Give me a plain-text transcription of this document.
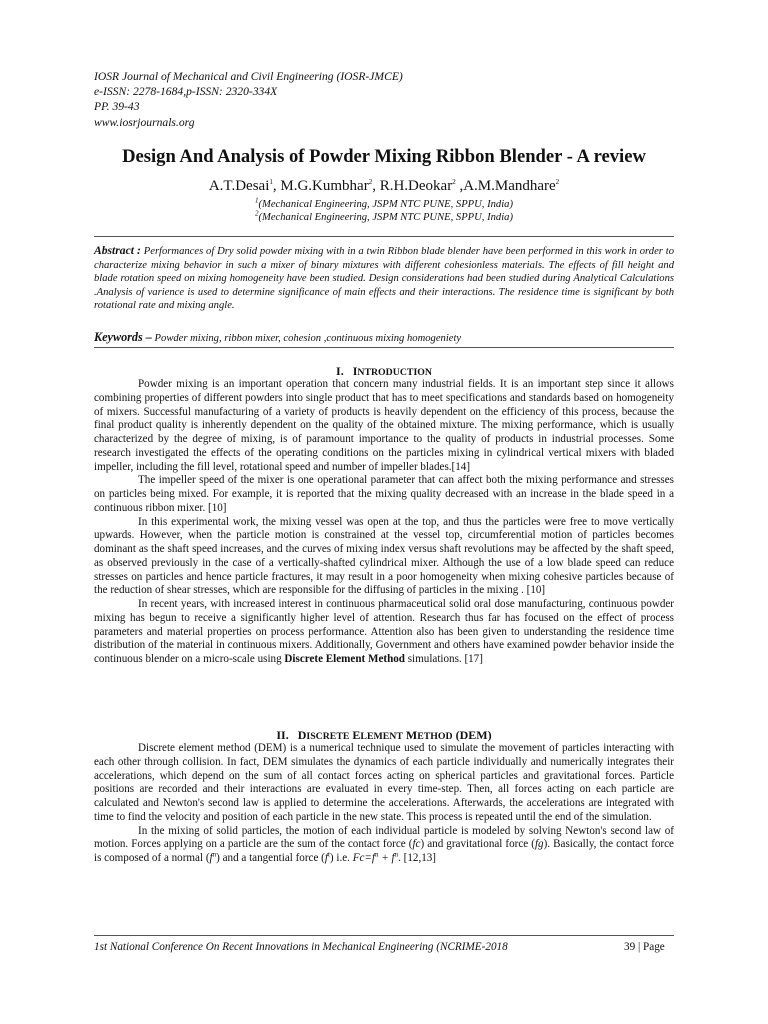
IOSR Journal of Mechanical and Civil Engineering (IOSR-JMCE)
e-ISSN: 2278-1684,p-ISSN: 2320-334X
PP. 39-43
www.iosrjournals.org
Design And Analysis of Powder Mixing Ribbon Blender - A review
A.T.Desai$^1$, M.G.Kumbhar$^2$, R.H.Deokar$^2$ ,A.M.Mandhare$^2$
$^1$(Mechanical Engineering, JSPM NTC PUNE, SPPU, India)
$^2$(Mechanical Engineering, JSPM NTC PUNE, SPPU, India)
Abstract : Performances of Dry solid powder mixing with in a twin Ribbon blade blender have been performed in this work in order to characterize mixing behavior in such a mixer of binary mixtures with different cohesionless materials. The effects of fill height and blade rotation speed on mixing homogeneity have been studied. Design considerations had been studied during Analytical Calculations .Analysis of varience is used to determine significance of main effects and their interactions. The residence time is significant by both rotational rate and mixing angle.
Keywords – Powder mixing, ribbon mixer, cohesion ,continuous mixing homogeniety
I. INTRODUCTION

Powder mixing is an important operation that concern many industrial fields. It is an important step since it allows combining properties of different powders into single product that has to meet specifications and standards based on homogeneity of mixers. Successful manufacturing of a variety of products is heavily dependent on the efficiency of this process, because the final product quality is inherently dependent on the quality of the obtained mixture. The mixing performance, which is usually characterized by the degree of mixing, is of paramount importance to the quality of products in industrial processes. Some research investigated the effects of the operating conditions on the particles mixing in cylindrical vertical mixers with bladed impeller, including the fill level, rotational speed and number of impeller blades.[14]

The impeller speed of the mixer is one operational parameter that can affect both the mixing performance and stresses on particles being mixed. For example, it is reported that the mixing quality decreased with an increase in the blade speed in a continuous ribbon mixer. [10]

In this experimental work, the mixing vessel was open at the top, and thus the particles were free to move vertically upwards. However, when the particle motion is constrained at the vessel top, circumferential motion of particles becomes dominant as the shaft speed increases, and the curves of mixing index versus shaft revolutions may be affected by the shaft speed, as observed previously in the case of a vertically-shafted cylindrical mixer. Although the use of a low blade speed can reduce stresses on particles and hence particle fractures, it may result in a poor homogeneity when mixing cohesive particles because of the reduction of shear stresses, which are responsible for the diffusing of particles in the mixing . [10]

In recent years, with increased interest in continuous pharmaceutical solid oral dose manufacturing, continuous powder mixing has begun to receive a significantly higher level of attention. Research thus far has focused on the effect of process parameters and material properties on process performance. Attention also has been given to understanding the residence time distribution of the material in continuous mixers. Additionally, Government and others have examined powder behavior inside the continuous blender on a micro-scale using Discrete Element Method simulations. [17]

II. DISCRETE ELEMENT METHOD (DEM)

Discrete element method (DEM) is a numerical technique used to simulate the movement of particles interacting with each other through collision. In fact, DEM simulates the dynamics of each particle individually and numerically integrates their accelerations, which depend on the sum of all contact forces acting on spherical particles and gravitational forces. Particle positions are recorded and their interactions are evaluated in every time-step. Then, all forces acting on each particle are calculated and Newton's second law is applied to determine the accelerations. Afterwards, the accelerations are integrated with time to find the velocity and position of each particle in the new state. This process is repeated until the end of the simulation.

In the mixing of solid particles, the motion of each individual particle is modeled by solving Newton's second law of motion. Forces applying on a particle are the sum of the contact force (fc) and gravitational force (fg). Basically, the contact force is composed of a normal $(f^n)$ and a tangential force $(f^t)$ i.e. $Fc=f^n + f^n$. [12,13]

1st National Conference On Recent Innovations in Mechanical Engineering (NCRIME-2018	39 | Page
